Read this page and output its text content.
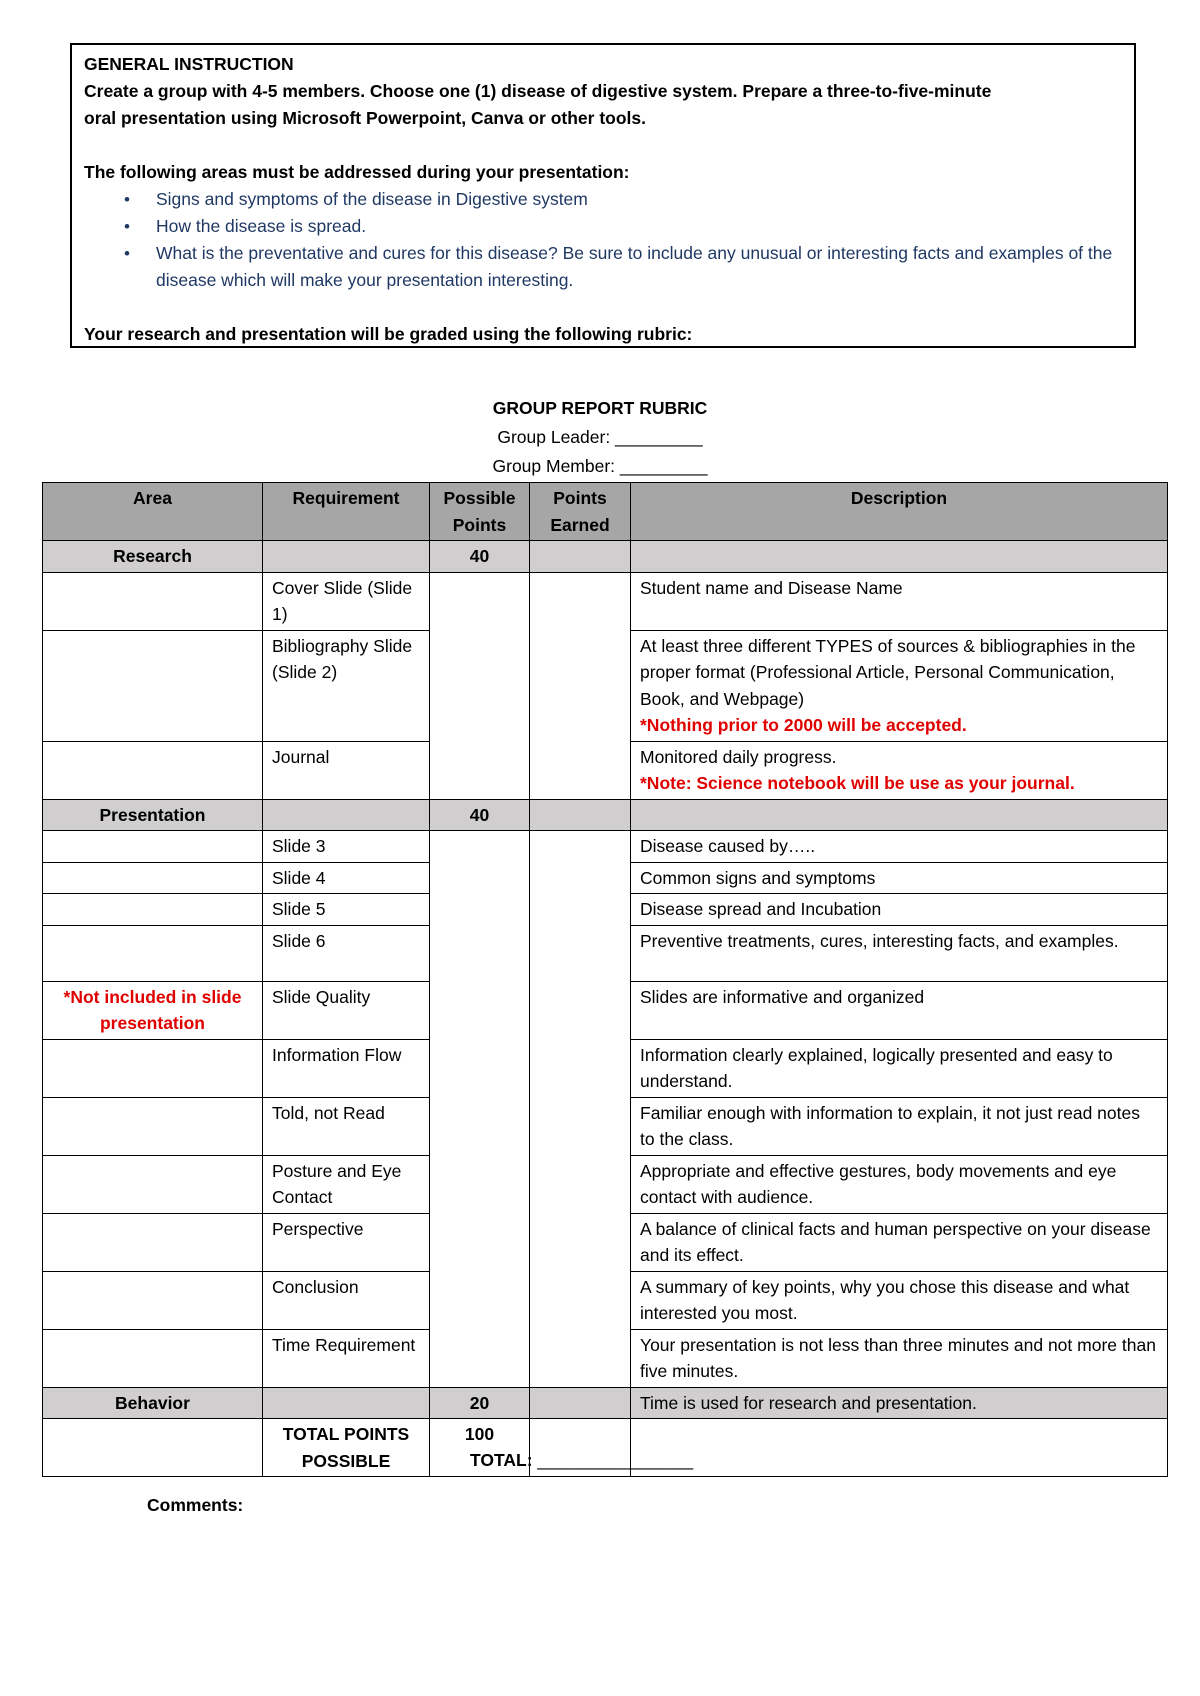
GENERAL INSTRUCTION
Create a group with 4-5 members. Choose one (1) disease of digestive system. Prepare a three-to-five-minute
oral presentation using Microsoft Powerpoint, Canva or other tools.
The following areas must be addressed during your presentation:
• Signs and symptoms of the disease in Digestive system
• How the disease is spread.
• What is the preventative and cures for this disease? Be sure to include any unusual or interesting facts and examples of the disease which will make your presentation interesting.
Your research and presentation will be graded using the following rubric:
GROUP REPORT RUBRIC
Group Leader: _________
Group Member: _________
Area	Requirement	Possible Points	Points Earned	Description
Research		40		
	Cover Slide (Slide 1)			Student name and Disease Name
	Bibliography Slide (Slide 2)			At least three different TYPES of sources & bibliographies in the proper format (Professional Article, Personal Communication, Book, and Webpage)
*Nothing prior to 2000 will be accepted.

	Journal			Monitored daily progress.
*Note: Science notebook will be use as your journal.

Presentation		40		
	Slide 3			Disease caused by…..
	Slide 4			Common signs and symptoms
	Slide 5			Disease spread and Incubation
	Slide 6			Preventive treatments, cures, interesting facts, and examples.
*Not included in slide presentation	Slide Quality			Slides are informative and organized
	Information Flow			Information clearly explained, logically presented and easy to understand.
	Told, not Read			Familiar enough with information to explain, it not just read notes to the class.
	Posture and Eye Contact			Appropriate and effective gestures, body movements and eye contact with audience.
	Perspective			A balance of clinical facts and human perspective on your disease and its effect.
	Conclusion			A summary of key points, why you chose this disease and what interested you most.
	Time Requirement			Your presentation is not less than three minutes and not more than five minutes.
Behavior		20		Time is used for research and presentation.
	TOTAL POINTS POSSIBLE	100		
TOTAL: ________________
Comments:
